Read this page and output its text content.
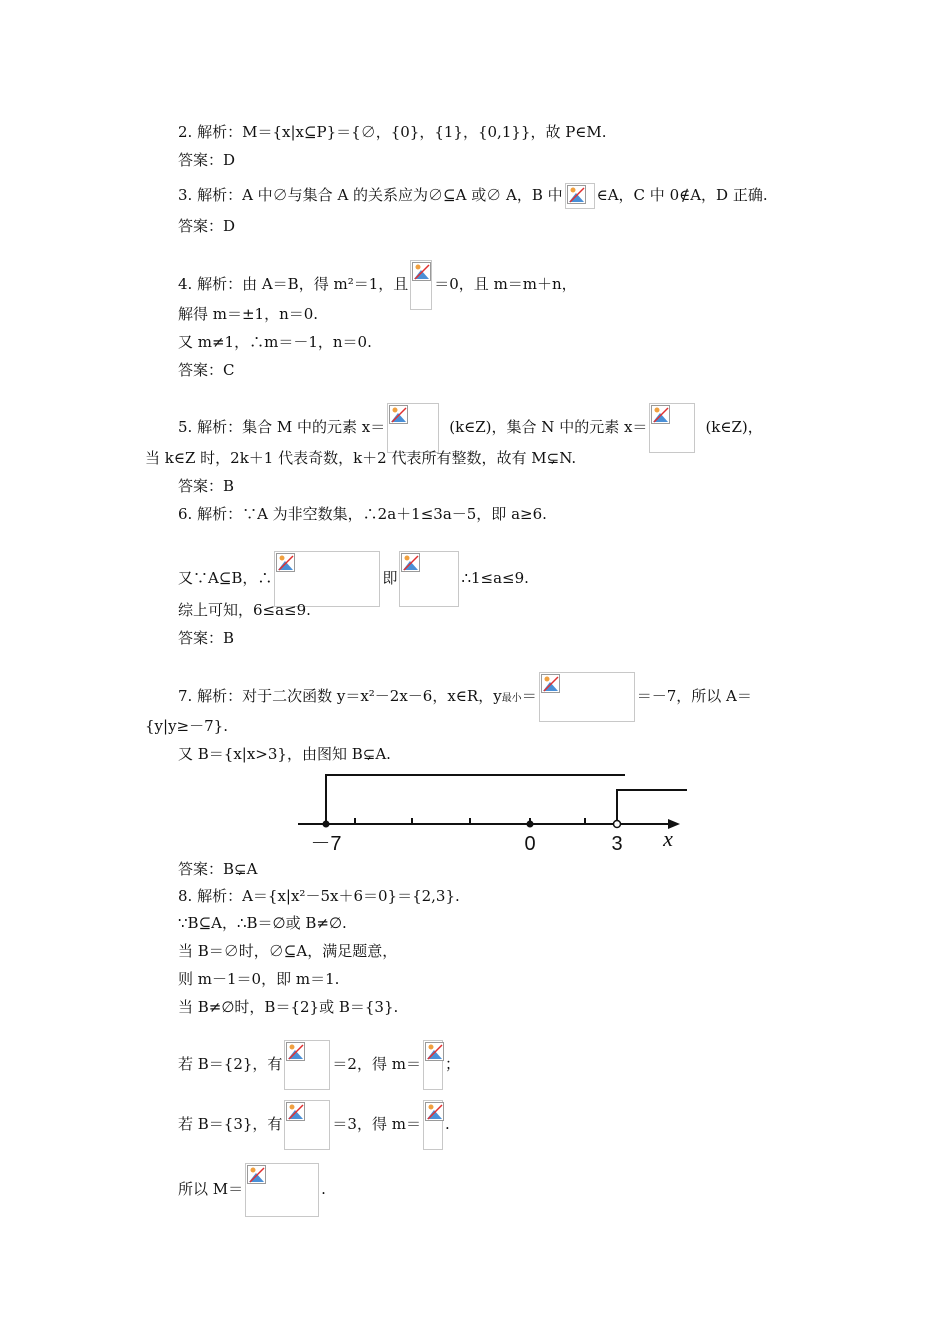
2. 解析：M＝{x|x⊆P}＝{∅，{0}，{1}，{0,1}}，故 P∈M.
答案：D
3. 解析：A 中∅与集合 A 的关系应为∅⊆A 或∅ A，B 中 ∈A，C 中 0∉A，D 正确.
答案：D
4. 解析：由 A＝B，得 m²＝1，且 ＝0，且 m＝m＋n，
解得 m＝±1，n＝0.
又 m≠1，∴m＝－1，n＝0.
答案：C
5. 解析：集合 M 中的元素 x＝	(k∈Z)，集合 N 中的元素 x＝	(k∈Z)，
当 k∈Z 时，2k＋1 代表奇数，k＋2 代表所有整数，故有 M⊊N.
答案：B
6. 解析：∵A 为非空数集，∴2a＋1≤3a－5，即 a≥6.
又∵A⊆B，∴	即	∴1≤a≤9.
综上可知，6≤a≤9.
答案：B
7. 解析：对于二次函数 y＝x²－2x－6，x∈R，y最小＝	＝－7，所以 A＝
{y|y≥－7}.
又 B＝{x|x>3}，由图知 B⊊A.
－7	0	3 x
答案：B⊊A
8. 解析：A＝{x|x²－5x＋6＝0}＝{2,3}.
∵B⊆A，∴B＝∅或 B≠∅.
当 B＝∅时，∅⊆A，满足题意，
则 m－1＝0，即 m＝1.
当 B≠∅时，B＝{2}或 B＝{3}.
若 B＝{2}，有	＝2，得 m＝ ；
若 B＝{3}，有	＝3，得 m＝ .
所以 M＝	.
